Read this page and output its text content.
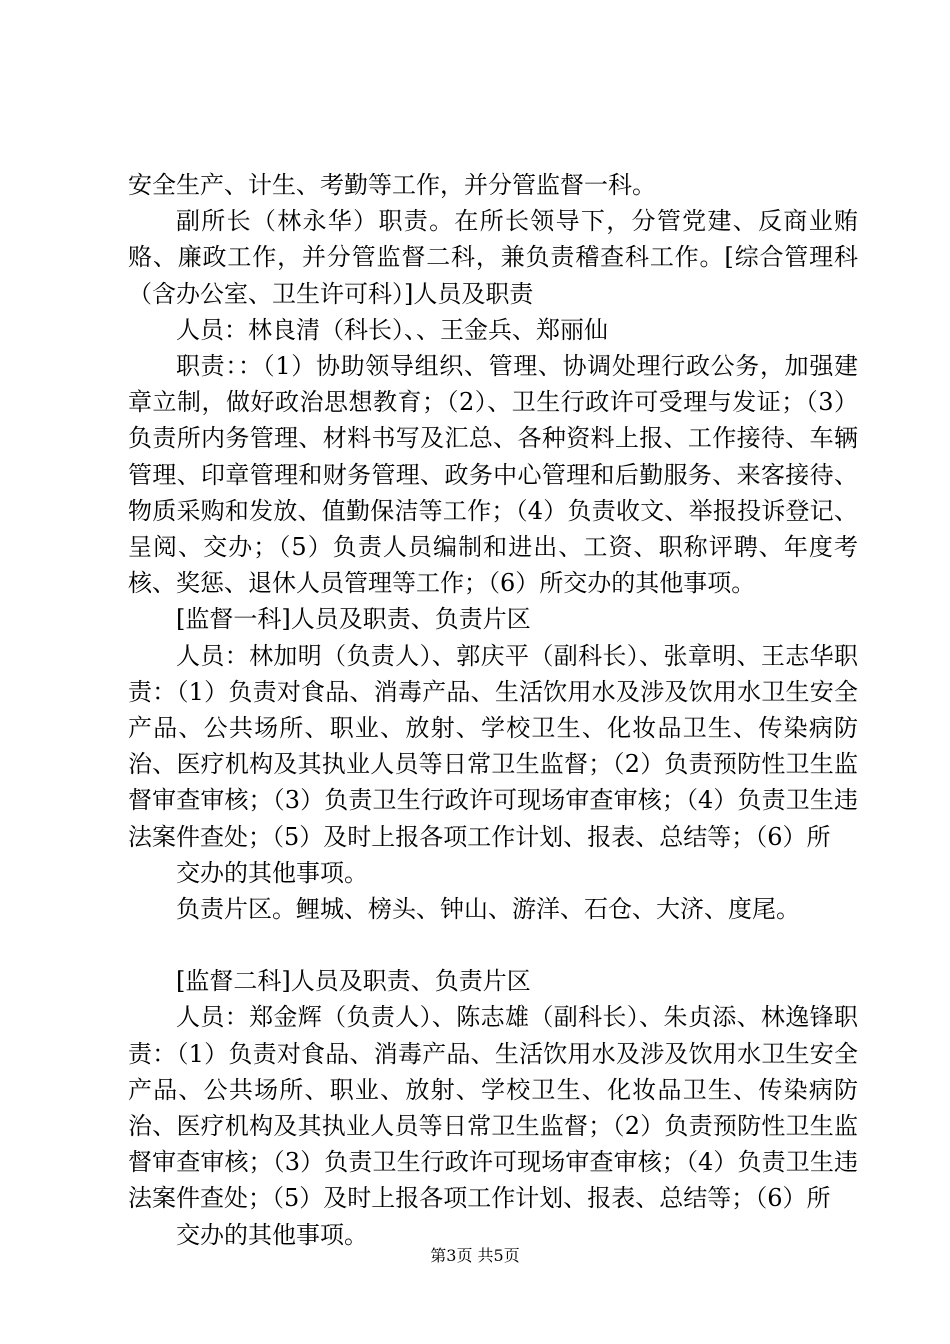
安全生产、计生、考勤等工作，并分管监督一科。

副所长（林永华）职责。在所长领导下，分管党建、反商业贿赂、廉政工作，并分管监督二科，兼负责稽查科工作。[综合管理科（含办公室、卫生许可科）]人员及职责

人员：林良清（科长）、、王金兵、郑丽仙

职责：：（1）协助领导组织、管理、协调处理行政公务，加强建章立制，做好政治思想教育；（2）、卫生行政许可受理与发证；（3）负责所内务管理、材料书写及汇总、各种资料上报、工作接待、车辆管理、印章管理和财务管理、政务中心管理和后勤服务、来客接待、物质采购和发放、值勤保洁等工作；（4）负责收文、举报投诉登记、呈阅、交办；（5）负责人员编制和进出、工资、职称评聘、年度考核、奖惩、退休人员管理等工作；（6）所交办的其他事项。

[监督一科]人员及职责、负责片区

人员：林加明（负责人）、郭庆平（副科长）、张章明、王志华职责：（1）负责对食品、消毒产品、生活饮用水及涉及饮用水卫生安全产品、公共场所、职业、放射、学校卫生、化妆品卫生、传染病防治、医疗机构及其执业人员等日常卫生监督；（2）负责预防性卫生监督审查审核；（3）负责卫生行政许可现场审查审核；（4）负责卫生违法案件查处；（5）及时上报各项工作计划、报表、总结等；（6）所

交办的其他事项。

负责片区。鲤城、榜头、钟山、游洋、石仓、大济、度尾。

[监督二科]人员及职责、负责片区

人员：郑金辉（负责人）、陈志雄（副科长）、朱贞添、林逸锋职责：（1）负责对食品、消毒产品、生活饮用水及涉及饮用水卫生安全产品、公共场所、职业、放射、学校卫生、化妆品卫生、传染病防治、医疗机构及其执业人员等日常卫生监督；（2）负责预防性卫生监督审查审核；（3）负责卫生行政许可现场审查审核；（4）负责卫生违法案件查处；（5）及时上报各项工作计划、报表、总结等；（6）所

交办的其他事项。

第3页 共5页
